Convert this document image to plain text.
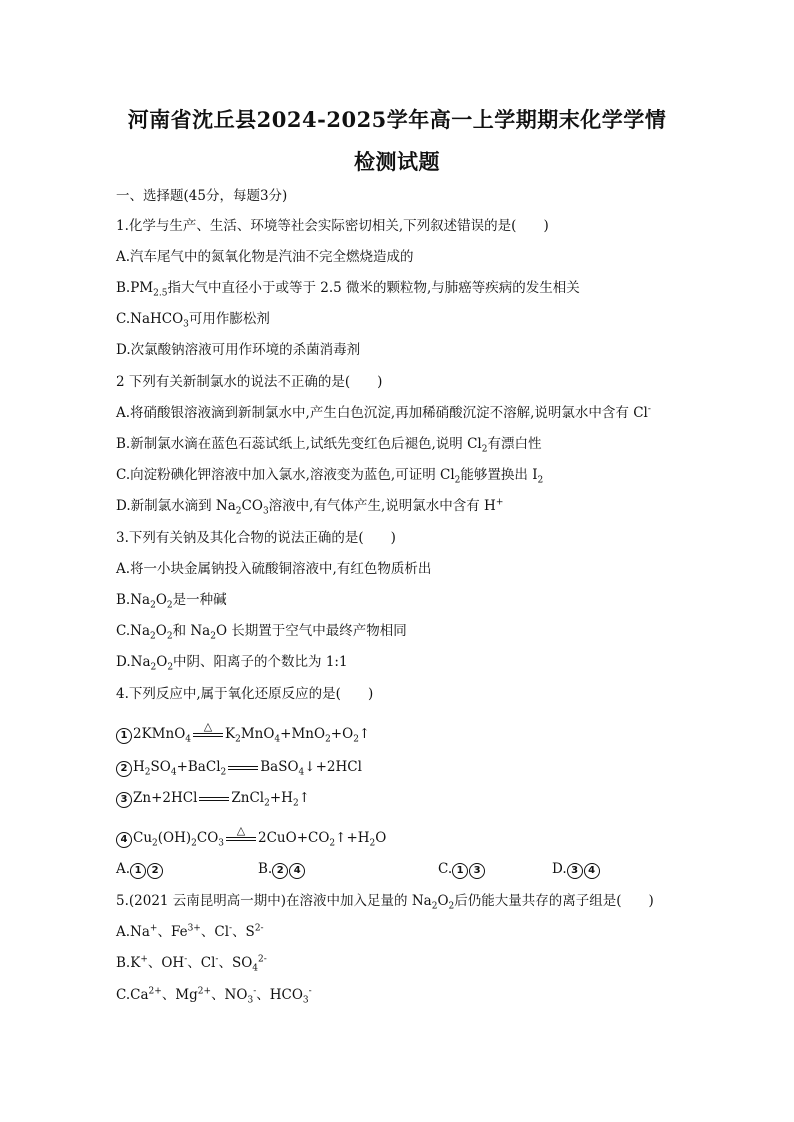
河南省沈丘县2024-2025学年高一上学期期末化学学情
检测试题
一、选择题(45分，每题3分)
1.化学与生产、生活、环境等社会实际密切相关,下列叙述错误的是(　　)
A.汽车尾气中的氮氧化物是汽油不完全燃烧造成的
$B.PM_{2.5}$指大气中直径小于或等于 2.5 微米的颗粒物,与肺癌等疾病的发生相关
C.NaHCO$_3$可用作膨松剂
D.次氯酸钠溶液可用作环境的杀菌消毒剂
2 下列有关新制氯水的说法不正确的是(　　)
A.将硝酸银溶液滴到新制氯水中,产生白色沉淀,再加稀硝酸沉淀不溶解,说明氯水中含有 Cl-
B.新制氯水滴在蓝色石蕊试纸上,试纸先变红色后褪色,说明 $Cl_2$有漂白性
C.向淀粉碘化钾溶液中加入氯水,溶液变为蓝色,可证明 $Cl_2$能够置换出 $I_2$
D.新制氯水滴到 $Na_2CO_3$溶液中,有气体产生,说明氯水中含有 H+
3.下列有关钠及其化合物的说法正确的是(　　)
A.将一小块金属钠投入硫酸铜溶液中,有红色物质析出
$B.Na_2O_2$是一种碱
$C.Na_2O_2$和 $Na_2O$ 长期置于空气中最终产物相同
$D.Na_2O_2$中阴、阳离子的个数比为 1:1
4.下列反应中,属于氧化还原反应的是(　　)
1 2KMnO$_4$
△ $K_2MnO_4+MnO_2+O_2↑$
2 $H_2SO_4+BaCl_2$	BaSO$_4$↓+2HCl
3 Zn+2HCl	$ZnCl_2+H_2↑$
4 $Cu_2(OH)_2CO_3$
△ $2CuO+CO_2↑+H_2O$
A. 1 2	B. 2 4	C. 1 3	D. 3 4
5.(2021 云南昆明高一期中)在溶液中加入足量的 $Na_2O_2$后仍能大量共存的离子组是(　　)
A.Na+、$Fe^{3+}$、Cl-、$S^{2-}$
B.K+、OH-、Cl-、$SO_4^{2-}$
$C.Ca^{2+}$、$Mg^{2+}$、$NO_3^-$、$HCO_3^-$
